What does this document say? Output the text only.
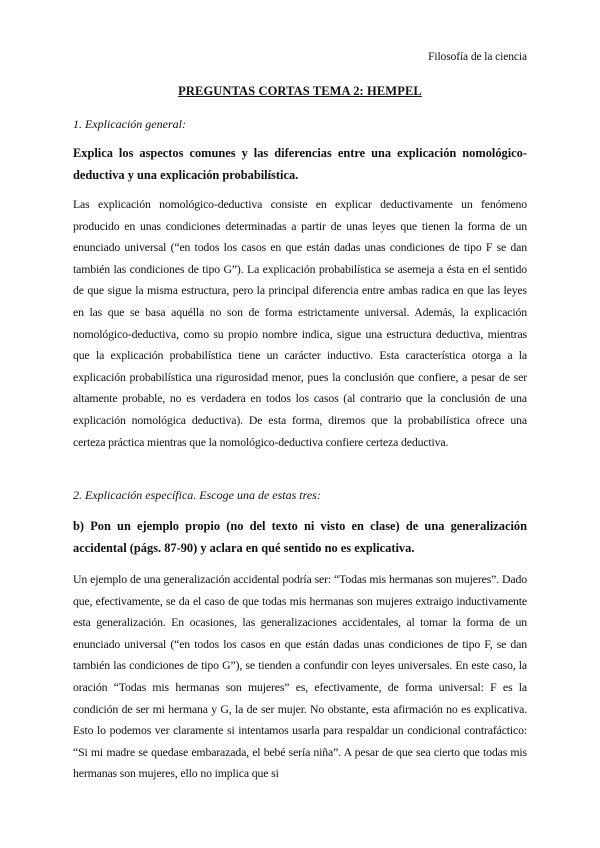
Filosofía de la ciencia
PREGUNTAS CORTAS TEMA 2: HEMPEL
1. Explicación general:
Explica los aspectos comunes y las diferencias entre una explicación nomológico-deductiva y una explicación probabilística.

Las explicación nomológico-deductiva consiste en explicar deductivamente un fenómeno producido en unas condiciones determinadas a partir de unas leyes que tienen la forma de un enunciado universal (“en todos los casos en que están dadas unas condiciones de tipo F se dan también las condiciones de tipo G”). La explicación probabilística se asemeja a ésta en el sentido de que sigue la misma estructura, pero la principal diferencia entre ambas radica en que las leyes en las que se basa aquélla no son de forma estrictamente universal. Además, la explicación nomológico-deductiva, como su propio nombre indica, sigue una estructura deductiva, mientras que la explicación probabilística tiene un carácter inductivo. Esta característica otorga a la explicación probabilística una rigurosidad menor, pues la conclusión que confiere, a pesar de ser altamente probable, no es verdadera en todos los casos (al contrario que la conclusión de una explicación nomológica deductiva). De esta forma, diremos que la probabilística ofrece una certeza práctica mientras que la nomológico-deductiva confiere certeza deductiva.

2. Explicación específica. Escoge una de estas tres:
b) Pon un ejemplo propio (no del texto ni visto en clase) de una generalización accidental (págs. 87-90) y aclara en qué sentido no es explicativa.

Un ejemplo de una generalización accidental podría ser: “Todas mis hermanas son mujeres”. Dado que, efectivamente, se da el caso de que todas mis hermanas son mujeres extraigo inductivamente esta generalización. En ocasiones, las generalizaciones accidentales, al tomar la forma de un enunciado universal (“en todos los casos en que están dadas unas condiciones de tipo F, se dan también las condiciones de tipo G”), se tienden a confundir con leyes universales. En este caso, la oración “Todas mis hermanas son mujeres” es, efectivamente, de forma universal: F es la condición de ser mi hermana y G, la de ser mujer. No obstante, esta afirmación no es explicativa. Esto lo podemos ver claramente si intentamos usarla para respaldar un condicional contrafáctico: “Si mi madre se quedase embarazada, el bebé sería niña”. A pesar de que sea cierto que todas mis hermanas son mujeres, ello no implica que si
